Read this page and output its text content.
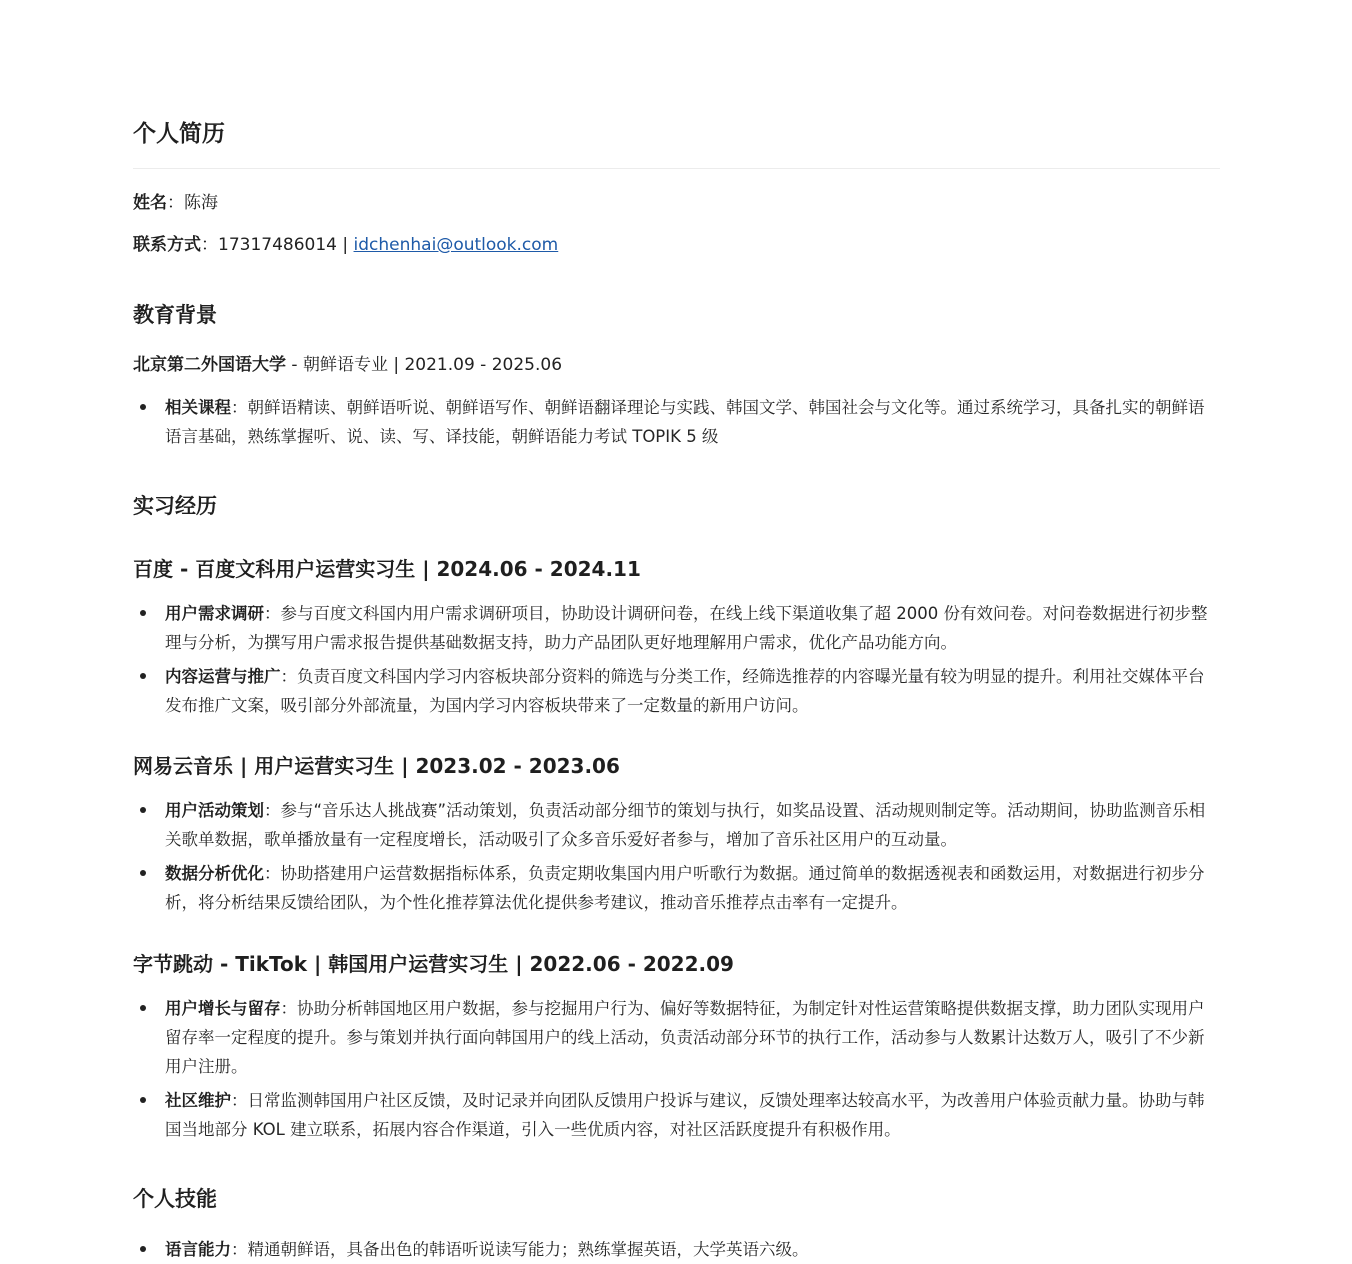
个人简历

姓名：陈海

联系方式：17317486014 | idchenhai@outlook.com

教育背景

北京第二外国语大学 - 朝鲜语专业 | 2021.09 - 2025.06

相关课程：朝鲜语精读、朝鲜语听说、朝鲜语写作、朝鲜语翻译理论与实践、韩国文学、韩国社会与文化等。通过系统学习，具备扎实的朝鲜语语言基础，熟练掌握听、说、读、写、译技能，朝鲜语能力考试 TOPIK 5 级

实习经历
百度 - 百度文科用户运营实习生 | 2024.06 - 2024.11

用户需求调研：参与百度文科国内用户需求调研项目，协助设计调研问卷，在线上线下渠道收集了超 2000 份有效问卷。对问卷数据进行初步整理与分析，为撰写用户需求报告提供基础数据支持，助力产品团队更好地理解用户需求，优化产品功能方向。

内容运营与推广：负责百度文科国内学习内容板块部分资料的筛选与分类工作，经筛选推荐的内容曝光量有较为明显的提升。利用社交媒体平台发布推广文案，吸引部分外部流量，为国内学习内容板块带来了一定数量的新用户访问。

网易云音乐 | 用户运营实习生 | 2023.02 - 2023.06

用户活动策划：参与“音乐达人挑战赛”活动策划，负责活动部分细节的策划与执行，如奖品设置、活动规则制定等。活动期间，协助监测音乐相关歌单数据，歌单播放量有一定程度增长，活动吸引了众多音乐爱好者参与，增加了音乐社区用户的互动量。

数据分析优化：协助搭建用户运营数据指标体系，负责定期收集国内用户听歌行为数据。通过简单的数据透视表和函数运用，对数据进行初步分析，将分析结果反馈给团队，为个性化推荐算法优化提供参考建议，推动音乐推荐点击率有一定提升。

字节跳动 - TikTok | 韩国用户运营实习生 | 2022.06 - 2022.09

用户增长与留存：协助分析韩国地区用户数据，参与挖掘用户行为、偏好等数据特征，为制定针对性运营策略提供数据支撑，助力团队实现用户留存率一定程度的提升。参与策划并执行面向韩国用户的线上活动，负责活动部分环节的执行工作，活动参与人数累计达数万人，吸引了不少新用户注册。

社区维护：日常监测韩国用户社区反馈，及时记录并向团队反馈用户投诉与建议，反馈处理率达较高水平，为改善用户体验贡献力量。协助与韩国当地部分 KOL 建立联系，拓展内容合作渠道，引入一些优质内容，对社区活跃度提升有积极作用。

个人技能

语言能力：精通朝鲜语，具备出色的韩语听说读写能力；熟练掌握英语，大学英语六级。
